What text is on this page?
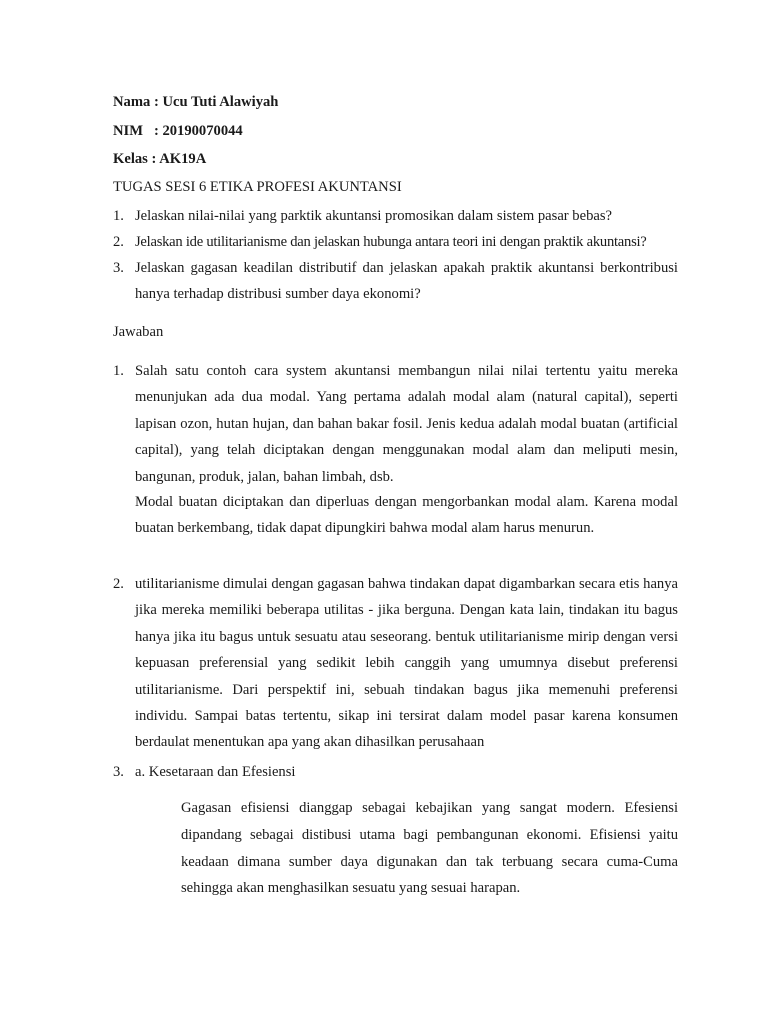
Nama : Ucu Tuti Alawiyah
NIM   : 20190070044
Kelas : AK19A
TUGAS SESI 6 ETIKA PROFESI AKUNTANSI
1. Jelaskan nilai-nilai yang parktik akuntansi promosikan dalam sistem pasar bebas?
2. Jelaskan ide utilitarianisme dan jelaskan hubunga antara teori ini dengan praktik akuntansi?
3. Jelaskan gagasan keadilan distributif dan jelaskan apakah praktik akuntansi berkontribusi hanya terhadap distribusi sumber daya ekonomi?
Jawaban
1. Salah satu contoh cara system akuntansi membangun nilai nilai tertentu yaitu mereka menunjukan ada dua modal. Yang pertama adalah modal alam (natural capital), seperti lapisan ozon, hutan hujan, dan bahan bakar fosil. Jenis kedua adalah modal buatan (artificial capital), yang telah diciptakan dengan menggunakan modal alam dan meliputi mesin, bangunan, produk, jalan, bahan limbah, dsb.
Modal buatan diciptakan dan diperluas dengan mengorbankan modal alam. Karena modal buatan berkembang, tidak dapat dipungkiri bahwa modal alam harus menurun.
2. utilitarianisme dimulai dengan gagasan bahwa tindakan dapat digambarkan secara etis hanya jika mereka memiliki beberapa utilitas - jika berguna. Dengan kata lain, tindakan itu bagus hanya jika itu bagus untuk sesuatu atau seseorang. bentuk utilitarianisme mirip dengan versi kepuasan preferensial yang sedikit lebih canggih yang umumnya disebut preferensi utilitarianisme. Dari perspektif ini, sebuah tindakan bagus jika memenuhi preferensi individu. Sampai batas tertentu, sikap ini tersirat dalam model pasar karena konsumen berdaulat menentukan apa yang akan dihasilkan perusahaan
3. a. Kesetaraan dan Efesiensi
Gagasan efisiensi dianggap sebagai kebajikan yang sangat modern. Efesiensi dipandang sebagai distibusi utama bagi pembangunan ekonomi. Efisiensi yaitu keadaan dimana sumber daya digunakan dan tak terbuang secara cuma-Cuma sehingga akan menghasilkan sesuatu yang sesuai harapan.
